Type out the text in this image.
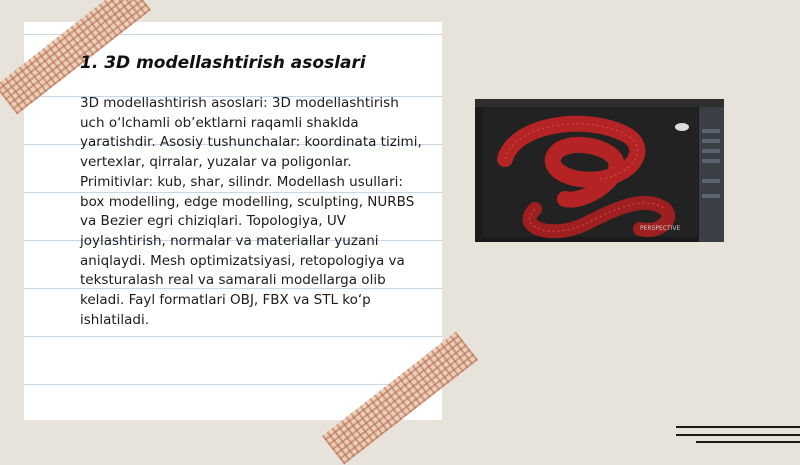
1. 3D modellashtirish asoslari

3D modellashtirish asoslari: 3D modellashtirish uch o‘lchamli ob’ektlarni raqamli shaklda yaratishdir. Asosiy tushunchalar: koordinata tizimi, vertexlar, qirralar, yuzalar va poligonlar. Primitivlar: kub, shar, silindr. Modellash usullari: box modelling, edge modelling, sculpting, NURBS va Bezier egri chiziqlari. Topologiya, UV joylashtirish, normalar va materiallar yuzani aniqlaydi. Mesh optimizatsiyasi, retopologiya va teksturalash real va samarali modellarga olib keladi. Fayl formatlari OBJ, FBX va STL ko‘p ishlatiladi.

PERSPECTIVE
